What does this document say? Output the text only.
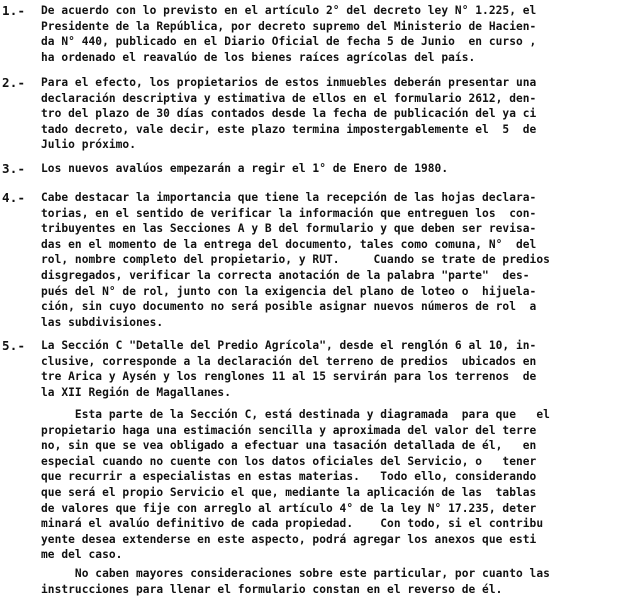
1.- De acuerdo con lo previsto en el artículo 2° del decreto ley N° 1.225, el
Presidente de la República, por decreto supremo del Ministerio de Hacien-
da N° 440, publicado en el Diario Oficial de fecha 5 de Junio  en curso ,
ha ordenado el reavalúo de los bienes raíces agrícolas del país.
2.- Para el efecto, los propietarios de estos inmuebles deberán presentar una
declaración descriptiva y estimativa de ellos en el formulario 2612, den-
tro del plazo de 30 días contados desde la fecha de publicación del ya ci
tado decreto, vale decir, este plazo termina impostergablemente el  5  de
Julio próximo.
3.- Los nuevos avalúos empezarán a regir el 1° de Enero de 1980.
4.- Cabe destacar la importancia que tiene la recepción de las hojas declara-
torias, en el sentido de verificar la información que entreguen los  con-
tribuyentes en las Secciones A y B del formulario y que deben ser revisa-
das en el momento de la entrega del documento, tales como comuna, N°  del
rol, nombre completo del propietario, y RUT.     Cuando se trate de predios
disgregados, verificar la correcta anotación de la palabra "parte"  des-
pués del N° de rol, junto con la exigencia del plano de loteo o  hijuela-
ción, sin cuyo documento no será posible asignar nuevos números de rol  a
las subdivisiones.
5.- La Sección C "Detalle del Predio Agrícola", desde el renglón 6 al 10, in-
clusive, corresponde a la declaración del terreno de predios  ubicados en
tre Arica y Aysén y los renglones 11 al 15 servirán para los terrenos  de
la XII Región de Magallanes.
Esta parte de la Sección C, está destinada y diagramada  para que   el
propietario haga una estimación sencilla y aproximada del valor del terre
no, sin que se vea obligado a efectuar una tasación detallada de él,   en
especial cuando no cuente con los datos oficiales del Servicio, o   tener
que recurrir a especialistas en estas materias.   Todo ello, considerando
que será el propio Servicio el que, mediante la aplicación de las  tablas
de valores que fije con arreglo al artículo 4° de la ley N° 17.235, deter
minará el avalúo definitivo de cada propiedad.    Con todo, si el contribu
yente desea extenderse en este aspecto, podrá agregar los anexos que esti
me del caso.
No caben mayores consideraciones sobre este particular, por cuanto las
instrucciones para llenar el formulario constan en el reverso de él.
